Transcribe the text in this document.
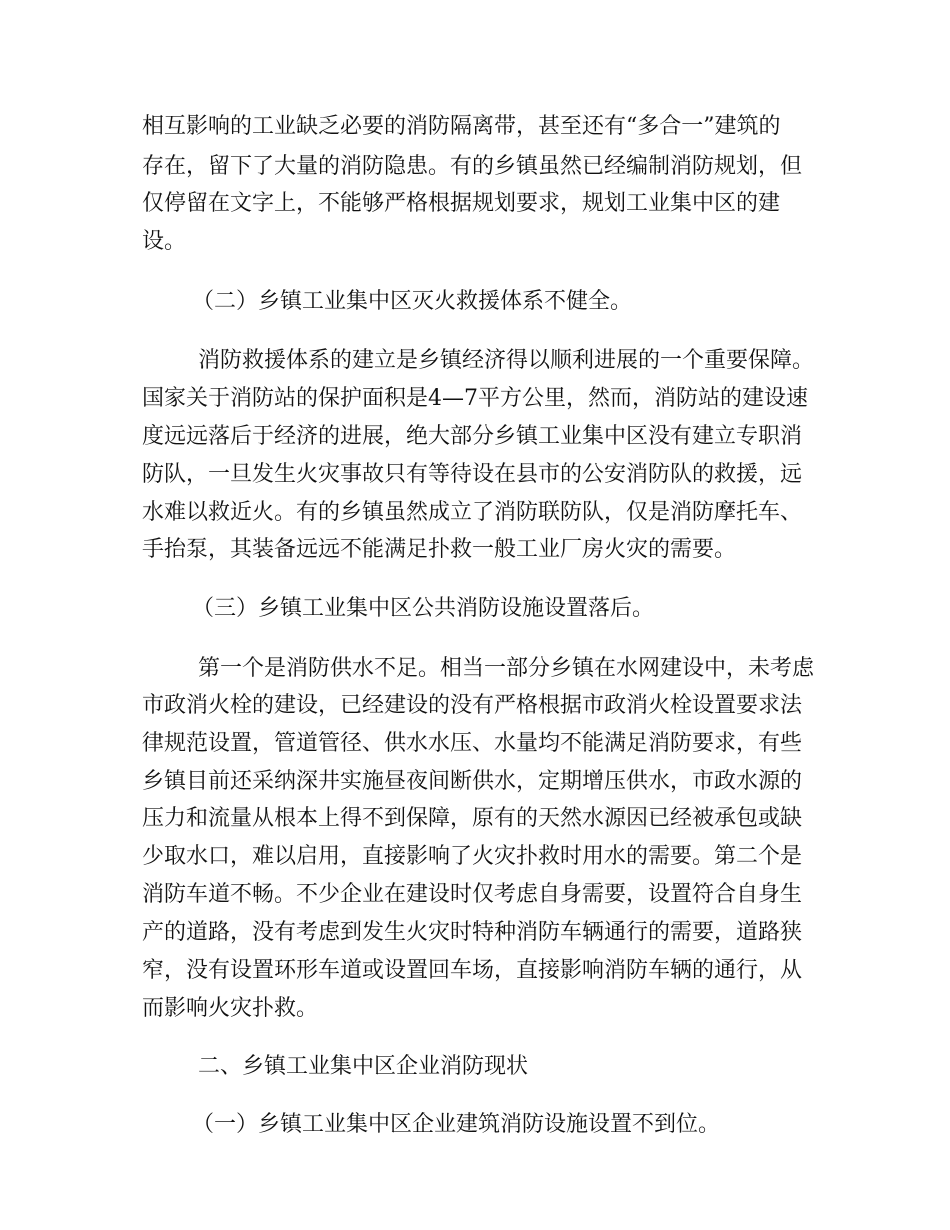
相互影响的工业缺乏必要的消防隔离带，甚至还有“多合一”建筑的
存在，留下了大量的消防隐患。有的乡镇虽然已经编制消防规划，但
仅停留在文字上，不能够严格根据规划要求，规划工业集中区的建
设。
（二）乡镇工业集中区灭火救援体系不健全。
消防救援体系的建立是乡镇经济得以顺利进展的一个重要保障。
国家关于消防站的保护面积是4—7平方公里，然而，消防站的建设速
度远远落后于经济的进展，绝大部分乡镇工业集中区没有建立专职消
防队，一旦发生火灾事故只有等待设在县市的公安消防队的救援，远
水难以救近火。有的乡镇虽然成立了消防联防队，仅是消防摩托车、
手抬泵，其装备远远不能满足扑救一般工业厂房火灾的需要。
（三）乡镇工业集中区公共消防设施设置落后。
第一个是消防供水不足。相当一部分乡镇在水网建设中，未考虑
市政消火栓的建设，已经建设的没有严格根据市政消火栓设置要求法
律规范设置，管道管径、供水水压、水量均不能满足消防要求，有些
乡镇目前还采纳深井实施昼夜间断供水，定期增压供水，市政水源的
压力和流量从根本上得不到保障，原有的天然水源因已经被承包或缺
少取水口，难以启用，直接影响了火灾扑救时用水的需要。第二个是
消防车道不畅。不少企业在建设时仅考虑自身需要，设置符合自身生
产的道路，没有考虑到发生火灾时特种消防车辆通行的需要，道路狭
窄，没有设置环形车道或设置回车场，直接影响消防车辆的通行，从
而影响火灾扑救。
二、乡镇工业集中区企业消防现状
（一）乡镇工业集中区企业建筑消防设施设置不到位。
